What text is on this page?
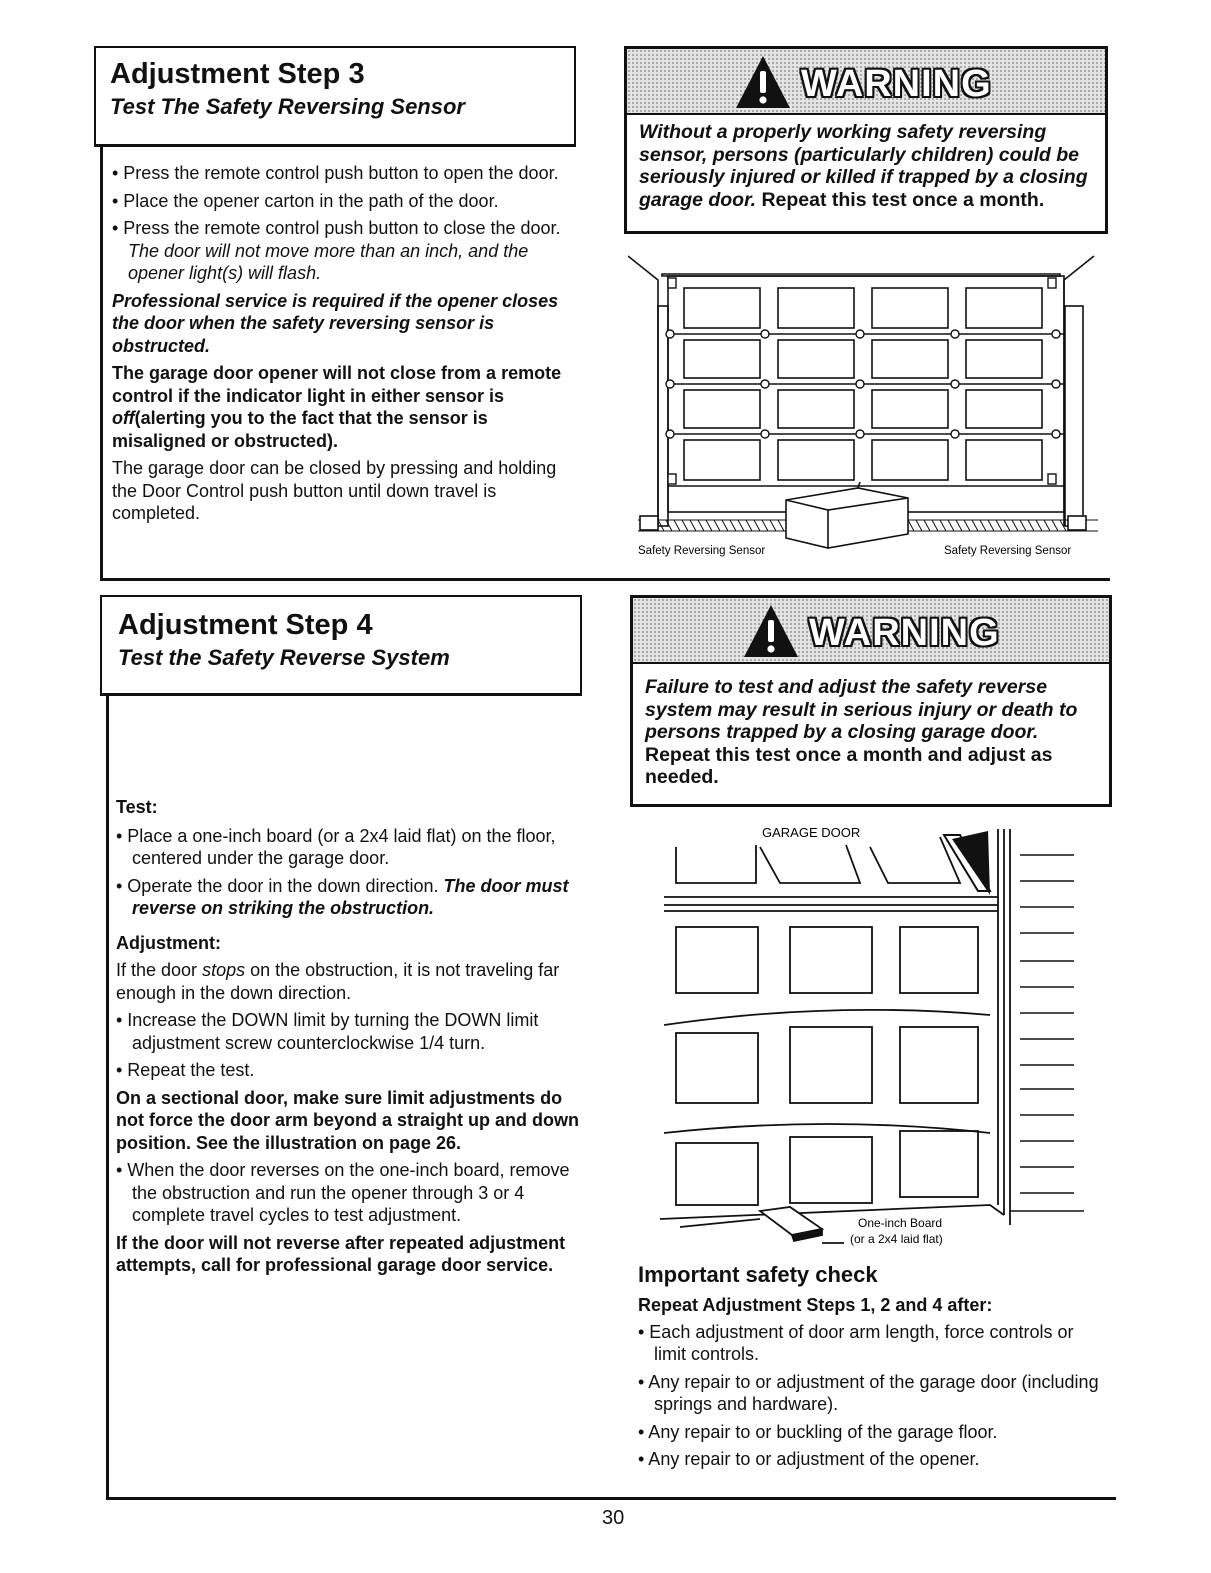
Adjustment Step 3

Test The Safety Reversing Sensor

• Press the remote control push button to open the door.

• Place the opener carton in the path of the door.

• Press the remote control push button to close the door. The door will not move more than an inch, and the opener light(s) will flash.

Professional service is required if the opener closes the door when the safety reversing sensor is obstructed.

The garage door opener will not close from a remote control if the indicator light in either sensor is off(alerting you to the fact that the sensor is misaligned or obstructed).

The garage door can be closed by pressing and holding the Door Control push button until down travel is completed.

WARNING
Without a properly working safety reversing sensor, persons (particularly children) could be seriously injured or killed if trapped by a closing garage door. Repeat this test once a month.
Safety Reversing Sensor	Safety Reversing Sensor

Adjustment Step 4

Test the Safety Reverse System

Test:

• Place a one-inch board (or a 2x4 laid flat) on the floor, centered under the garage door.

• Operate the door in the down direction. The door must reverse on striking the obstruction.

Adjustment:

If the door stops on the obstruction, it is not traveling far enough in the down direction.

• Increase the DOWN limit by turning the DOWN limit adjustment screw counterclockwise 1/4 turn.

• Repeat the test.

On a sectional door, make sure limit adjustments do not force the door arm beyond a straight up and down position. See the illustration on page 26.

• When the door reverses on the one-inch board, remove the obstruction and run the opener through 3 or 4 complete travel cycles to test adjustment.

If the door will not reverse after repeated adjustment attempts, call for professional garage door service.

WARNING
Failure to test and adjust the safety reverse system may result in serious injury or death to persons trapped by a closing garage door. Repeat this test once a month and adjust as needed.
GARAGE DOOR
One-inch Board
(or a 2x4 laid flat)
Important safety check
Repeat Adjustment Steps 1, 2 and 4 after:

• Each adjustment of door arm length, force controls or limit controls.

• Any repair to or adjustment of the garage door (including springs and hardware).

• Any repair to or buckling of the garage floor.

• Any repair to or adjustment of the opener.

30
